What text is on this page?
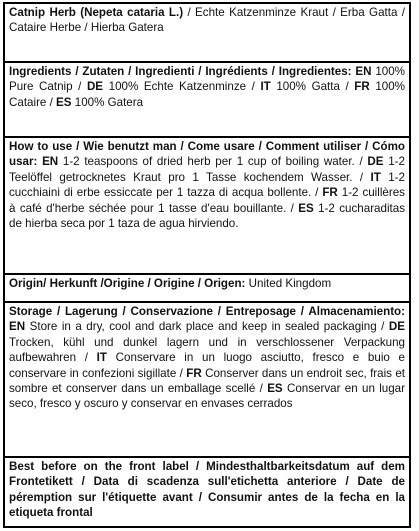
Catnip Herb (Nepeta cataria L.) / Echte Katzenminze Kraut / Erba Gatta / Cataire Herbe / Hierba Gatera
Ingredients / Zutaten / Ingredienti / Ingrédients / Ingredientes: EN 100% Pure Catnip / DE 100% Echte Katzenminze / IT 100% Gatta / FR 100% Cataire / ES 100% Gatera
How to use / Wie benutzt man / Come usare / Comment utiliser / Cómo usar: EN 1-2 teaspoons of dried herb per 1 cup of boiling water. / DE 1-2 Teelöffel getrocknetes Kraut pro 1 Tasse kochendem Wasser. / IT 1-2 cucchiaini di erbe essiccate per 1 tazza di acqua bollente. / FR 1-2 cuillères à café d'herbe séchée pour 1 tasse d'eau bouillante. / ES 1-2 cucharaditas de hierba seca por 1 taza de agua hirviendo.
Origin/ Herkunft /Origine / Origine / Origen: United Kingdom
Storage / Lagerung / Conservazione / Entreposage / Almacenamiento: EN Store in a dry, cool and dark place and keep in sealed packaging / DE Trocken, kühl und dunkel lagern und in verschlossener Verpackung aufbewahren / IT Conservare in un luogo asciutto, fresco e buio e conservare in confezioni sigillate / FR Conserver dans un endroit sec, frais et sombre et conserver dans un emballage scellé / ES Conservar en un lugar seco, fresco y oscuro y conservar en envases cerrados
Best before on the front label / Mindesthaltbarkeitsdatum auf dem Frontetikett / Data di scadenza sull'etichetta anteriore / Date de péremption sur l'étiquette avant / Consumir antes de la fecha en la etiqueta frontal
